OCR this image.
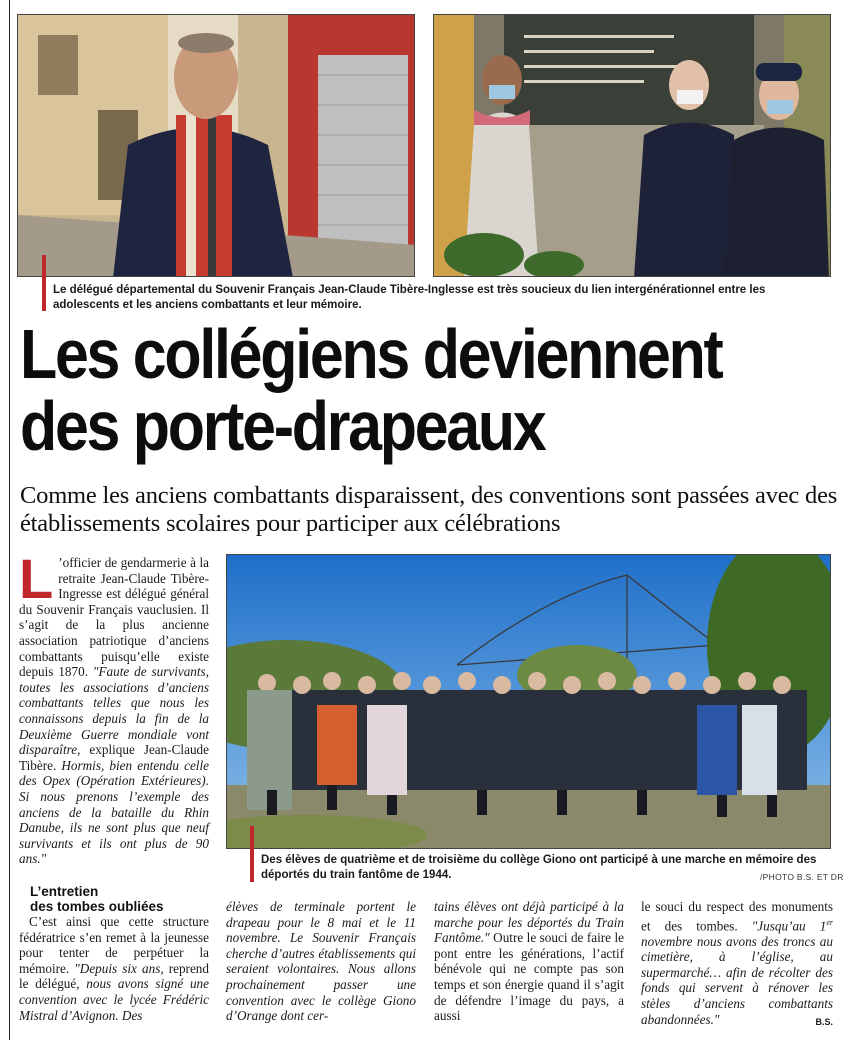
Le délégué départemental du Souvenir Français Jean-Claude Tibère-Inglesse est très soucieux du lien intergénérationnel entre les adolescents et les anciens combattants et leur mémoire.
Les collégiens deviennent
des porte-drapeaux
Comme les anciens combattants disparaissent, des conventions sont passées avec des établissements scolaires pour participer aux célébrations
Des élèves de quatrième et de troisième du collège Giono ont participé à une marche en mémoire des déportés du train fantôme de 1944.	/PHOTO B.S. ET DR
L ’officier de gendarmerie à la retraite Jean-Claude Tibère-Ingresse est délégué général du Souvenir Français vauclusien. Il s’agit de la plus ancienne association patriotique d’anciens combattants puisqu’elle existe depuis 1870. "Faute de survivants, toutes les associations d’anciens combattants telles que nous les connaissons depuis la fin de la Deuxième Guerre mondiale vont disparaître, explique Jean-Claude Tibère. Hormis, bien entendu celle des Opex (Opération Extérieures). Si nous prenons l’exemple des anciens de la bataille du Rhin Danube, ils ne sont plus que neuf survivants et ils ont plus de 90 ans."
L’entretien
des tombes oubliées
C’est ainsi que cette structure fédératrice s’en remet à la jeunesse pour tenter de perpétuer la mémoire. "Depuis six ans, reprend le délégué, nous avons signé une convention avec le lycée Frédéric Mistral d’Avignon. Des
élèves de terminale portent le drapeau pour le 8 mai et le 11 novembre. Le Souvenir Français cherche d’autres établissements qui seraient volontaires. Nous allons prochainement passer une convention avec le collège Giono d’Orange dont cer-
tains élèves ont déjà participé à la marche pour les déportés du Train Fantôme." Outre le souci de faire le pont entre les générations, l’actif bénévole qui ne compte pas son temps et son énergie quand il s’agit de défendre l’image du pays, a aussi
le souci du respect des monuments et des tombes. "Jusqu’au 1er novembre nous avons des troncs au cimetière, à l’église, au supermarché… afin de récolter des fonds qui servent à rénover les stèles d’anciens combattants abandonnées."	B.S.
